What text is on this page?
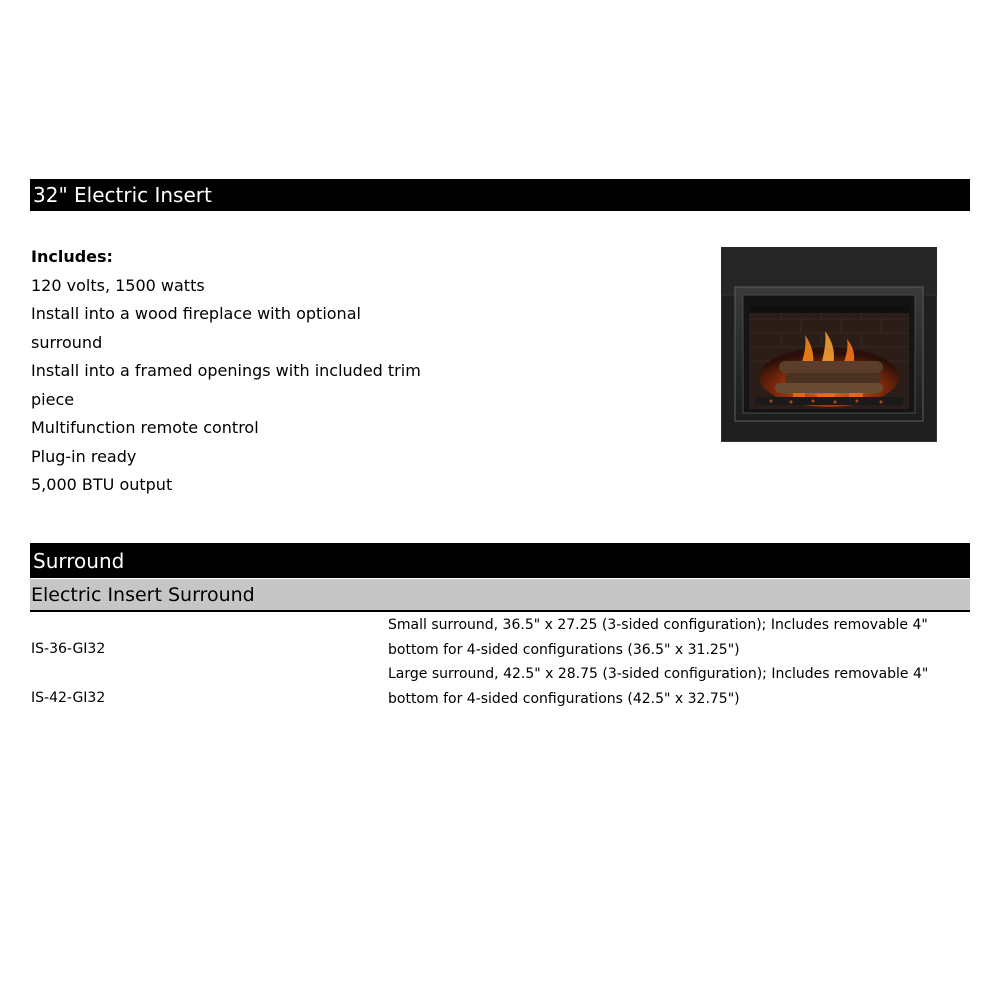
32" Electric Insert
Includes:
120 volts, 1500 watts
Install into a wood fireplace with optional surround
Install into a framed openings with included trim piece
Multifunction remote control
Plug-in ready
5,000 BTU output
Surround
Electric Insert Surround
Small surround, 36.5" x 27.25 (3-sided configuration); Includes removable 4" bottom for 4-sided configurations (36.5" x 31.25")
IS-36-GI32
Large surround, 42.5" x 28.75 (3-sided configuration); Includes removable 4" bottom for 4-sided configurations (42.5" x 32.75")
IS-42-GI32
